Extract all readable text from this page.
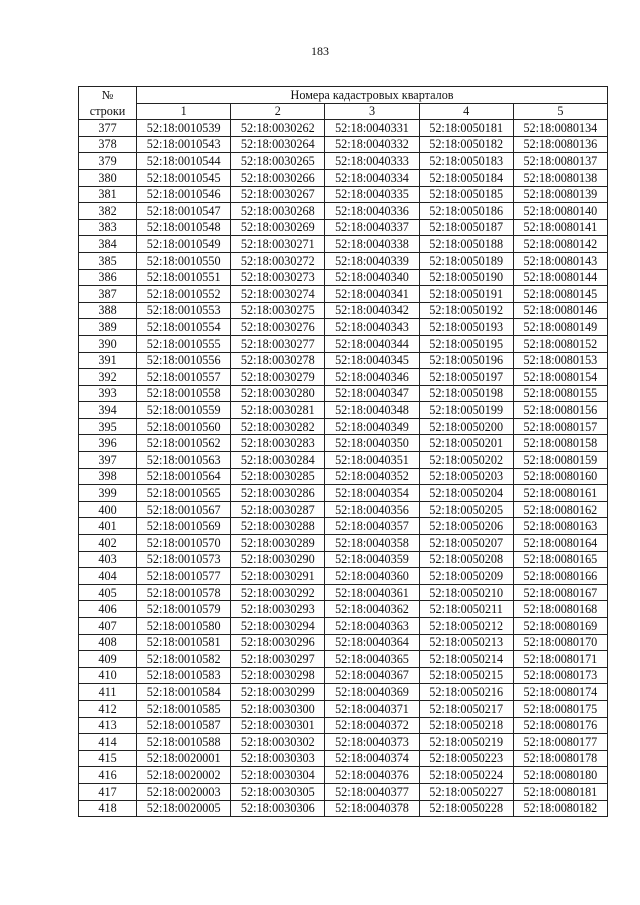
183
№	Номера кадастровых кварталов				
строки	1	2	3	4	5
377	52:18:0010539	52:18:0030262	52:18:0040331	52:18:0050181	52:18:0080134
378	52:18:0010543	52:18:0030264	52:18:0040332	52:18:0050182	52:18:0080136
379	52:18:0010544	52:18:0030265	52:18:0040333	52:18:0050183	52:18:0080137
380	52:18:0010545	52:18:0030266	52:18:0040334	52:18:0050184	52:18:0080138
381	52:18:0010546	52:18:0030267	52:18:0040335	52:18:0050185	52:18:0080139
382	52:18:0010547	52:18:0030268	52:18:0040336	52:18:0050186	52:18:0080140
383	52:18:0010548	52:18:0030269	52:18:0040337	52:18:0050187	52:18:0080141
384	52:18:0010549	52:18:0030271	52:18:0040338	52:18:0050188	52:18:0080142
385	52:18:0010550	52:18:0030272	52:18:0040339	52:18:0050189	52:18:0080143
386	52:18:0010551	52:18:0030273	52:18:0040340	52:18:0050190	52:18:0080144
387	52:18:0010552	52:18:0030274	52:18:0040341	52:18:0050191	52:18:0080145
388	52:18:0010553	52:18:0030275	52:18:0040342	52:18:0050192	52:18:0080146
389	52:18:0010554	52:18:0030276	52:18:0040343	52:18:0050193	52:18:0080149
390	52:18:0010555	52:18:0030277	52:18:0040344	52:18:0050195	52:18:0080152
391	52:18:0010556	52:18:0030278	52:18:0040345	52:18:0050196	52:18:0080153
392	52:18:0010557	52:18:0030279	52:18:0040346	52:18:0050197	52:18:0080154
393	52:18:0010558	52:18:0030280	52:18:0040347	52:18:0050198	52:18:0080155
394	52:18:0010559	52:18:0030281	52:18:0040348	52:18:0050199	52:18:0080156
395	52:18:0010560	52:18:0030282	52:18:0040349	52:18:0050200	52:18:0080157
396	52:18:0010562	52:18:0030283	52:18:0040350	52:18:0050201	52:18:0080158
397	52:18:0010563	52:18:0030284	52:18:0040351	52:18:0050202	52:18:0080159
398	52:18:0010564	52:18:0030285	52:18:0040352	52:18:0050203	52:18:0080160
399	52:18:0010565	52:18:0030286	52:18:0040354	52:18:0050204	52:18:0080161
400	52:18:0010567	52:18:0030287	52:18:0040356	52:18:0050205	52:18:0080162
401	52:18:0010569	52:18:0030288	52:18:0040357	52:18:0050206	52:18:0080163
402	52:18:0010570	52:18:0030289	52:18:0040358	52:18:0050207	52:18:0080164
403	52:18:0010573	52:18:0030290	52:18:0040359	52:18:0050208	52:18:0080165
404	52:18:0010577	52:18:0030291	52:18:0040360	52:18:0050209	52:18:0080166
405	52:18:0010578	52:18:0030292	52:18:0040361	52:18:0050210	52:18:0080167
406	52:18:0010579	52:18:0030293	52:18:0040362	52:18:0050211	52:18:0080168
407	52:18:0010580	52:18:0030294	52:18:0040363	52:18:0050212	52:18:0080169
408	52:18:0010581	52:18:0030296	52:18:0040364	52:18:0050213	52:18:0080170
409	52:18:0010582	52:18:0030297	52:18:0040365	52:18:0050214	52:18:0080171
410	52:18:0010583	52:18:0030298	52:18:0040367	52:18:0050215	52:18:0080173
411	52:18:0010584	52:18:0030299	52:18:0040369	52:18:0050216	52:18:0080174
412	52:18:0010585	52:18:0030300	52:18:0040371	52:18:0050217	52:18:0080175
413	52:18:0010587	52:18:0030301	52:18:0040372	52:18:0050218	52:18:0080176
414	52:18:0010588	52:18:0030302	52:18:0040373	52:18:0050219	52:18:0080177
415	52:18:0020001	52:18:0030303	52:18:0040374	52:18:0050223	52:18:0080178
416	52:18:0020002	52:18:0030304	52:18:0040376	52:18:0050224	52:18:0080180
417	52:18:0020003	52:18:0030305	52:18:0040377	52:18:0050227	52:18:0080181
418	52:18:0020005	52:18:0030306	52:18:0040378	52:18:0050228	52:18:0080182
